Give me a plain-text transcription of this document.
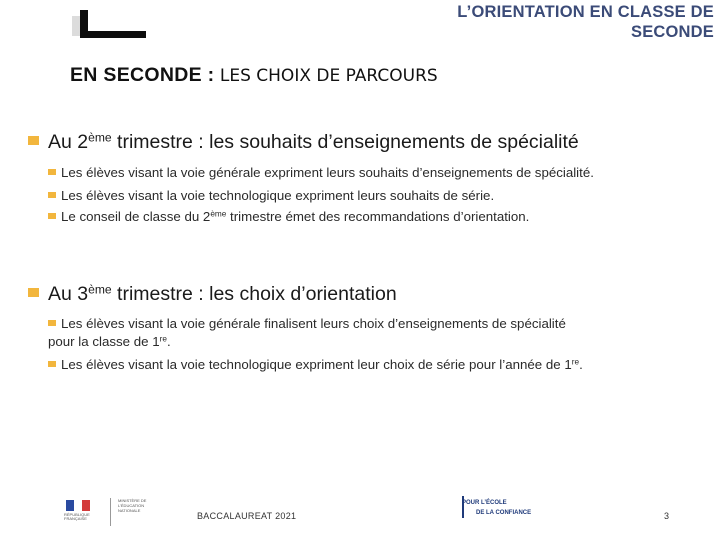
L’ORIENTATION EN CLASSE DE SECONDE
EN SECONDE : LES CHOIX DE PARCOURS
Au 2ème trimestre : les souhaits d’enseignements de spécialité
Les élèves visant la voie générale expriment leurs souhaits d’enseignements de spécialité.
Les élèves visant la voie technologique expriment leurs souhaits de série.
Le conseil de classe du 2ème trimestre émet des recommandations d’orientation.
Au 3ème trimestre : les choix d’orientation
Les élèves visant la voie générale finalisent leurs choix d’enseignements de spécialité
pour la classe de 1re.
Les élèves visant la voie technologique expriment leur choix de série pour l’année de 1re.
RÉPUBLIQUE FRANÇAISE
MINISTÈRE DE L’ÉDUCATION NATIONALE
BACCALAUREAT 2021
POUR L’ÉCOLE
DE LA CONFIANCE	3
